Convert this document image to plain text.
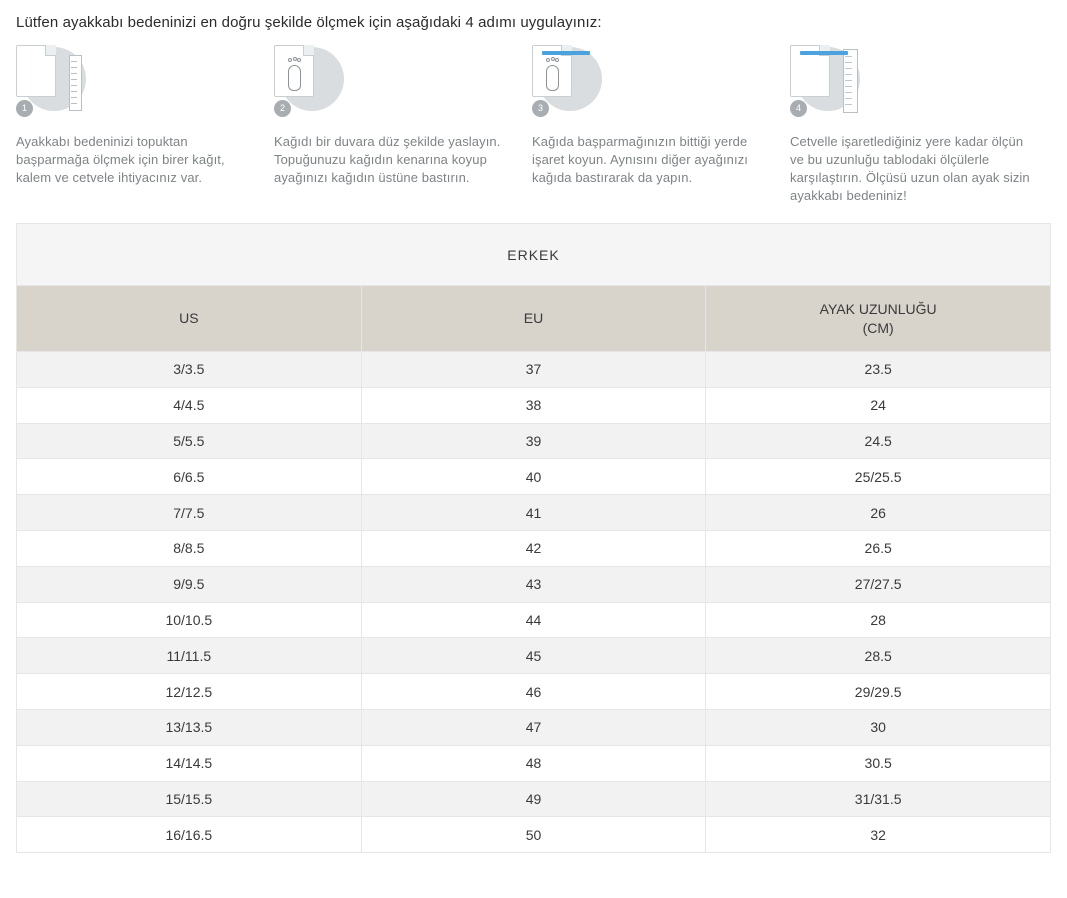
Lütfen ayakkabı bedeninizi en doğru şekilde ölçmek için aşağıdaki 4 adımı uygulayınız:
1
Ayakkabı bedeninizi topuktan başparmağa ölçmek için birer kağıt, kalem ve cetvele ihtiyacınız var.
2
Kağıdı bir duvara düz şekilde yaslayın. Topuğunuzu kağıdın kenarına koyup ayağınızı kağıdın üstüne bastırın.
3
Kağıda başparmağınızın bittiği yerde işaret koyun. Aynısını diğer ayağınızı kağıda bastırarak da yapın.
4
Cetvelle işaretlediğiniz yere kadar ölçün ve bu uzunluğu tablodaki ölçülerle karşılaştırın. Ölçüsü uzun olan ayak sizin ayakkabı bedeniniz!
ERKEK		
US	EU	AYAK UZUNLUĞU
(CM)
3/3.5	37	23.5
4/4.5	38	24
5/5.5	39	24.5
6/6.5	40	25/25.5
7/7.5	41	26
8/8.5	42	26.5
9/9.5	43	27/27.5
10/10.5	44	28
11/11.5	45	28.5
12/12.5	46	29/29.5
13/13.5	47	30
14/14.5	48	30.5
15/15.5	49	31/31.5
16/16.5	50	32
